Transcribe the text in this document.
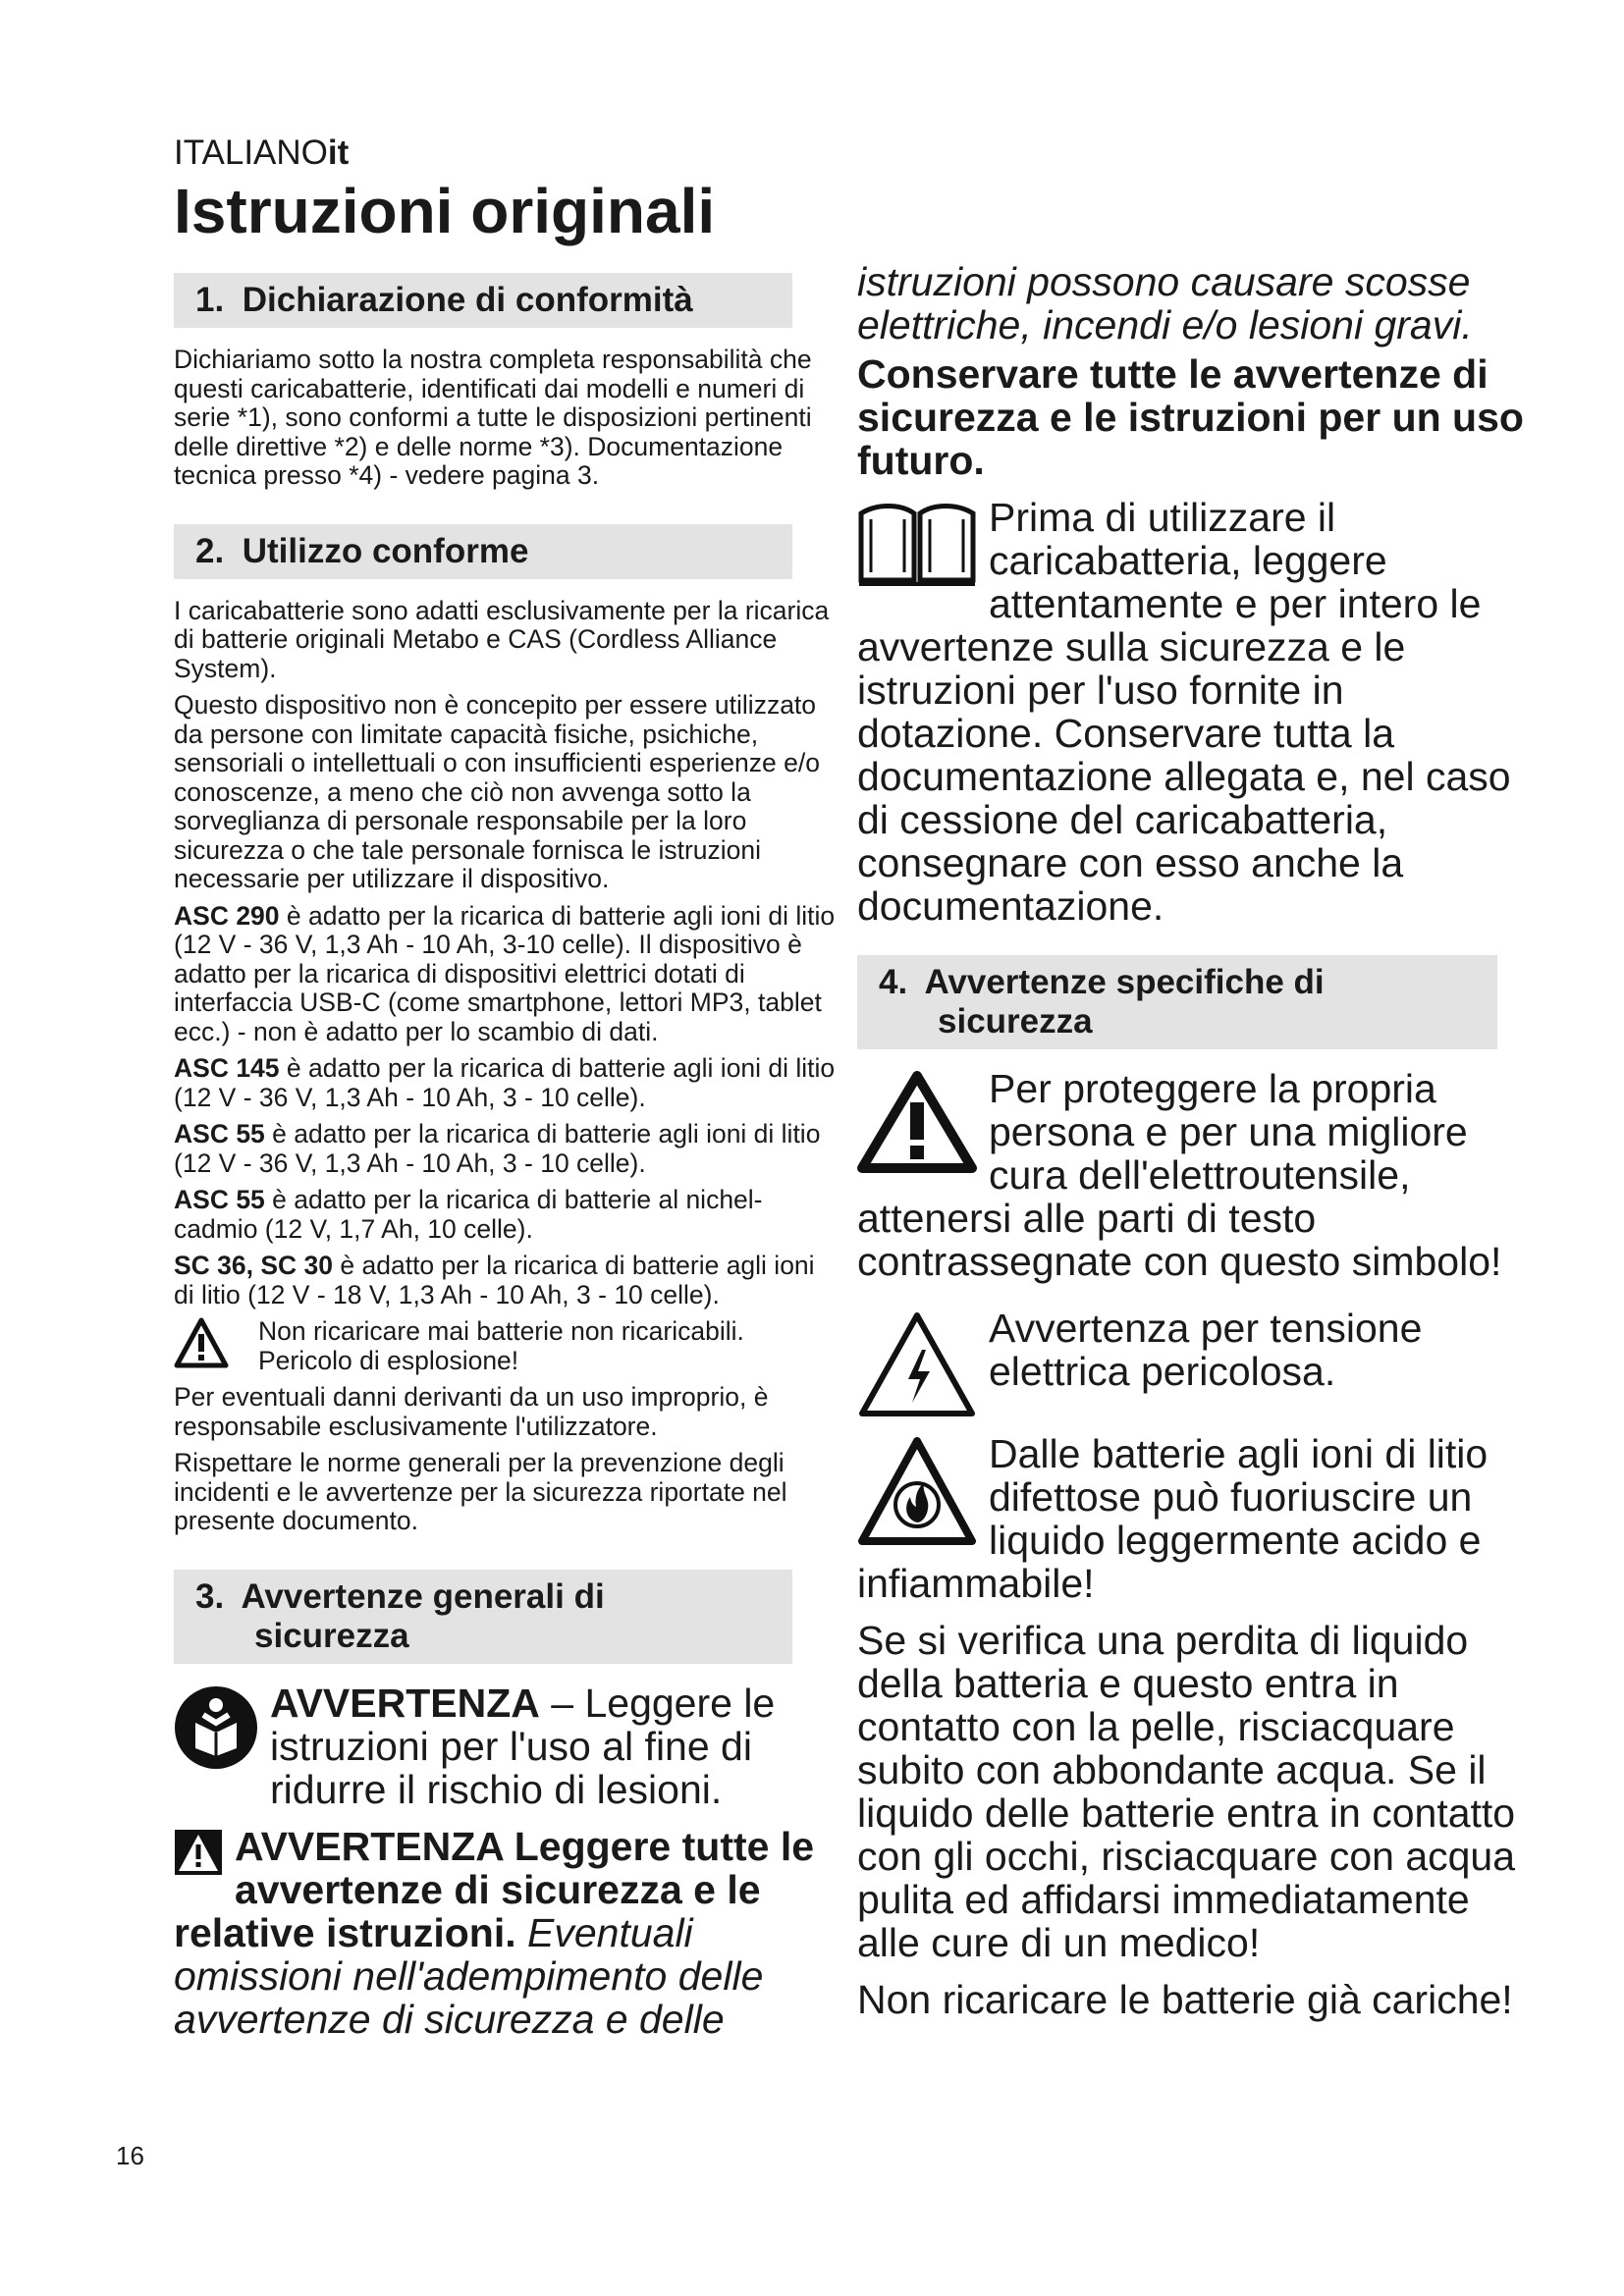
ITALIANOit
Istruzioni originali
1. Dichiarazione di conformità

Dichiariamo sotto la nostra completa responsabilità che questi caricabatterie, identificati dai modelli e numeri di serie *1), sono conformi a tutte le disposizioni pertinenti delle direttive *2) e delle norme *3). Documentazione tecnica presso *4) - vedere pagina 3.

2. Utilizzo conforme

I caricabatterie sono adatti esclusivamente per la ricarica di batterie originali Metabo e CAS (Cordless Alliance System).

Questo dispositivo non è concepito per essere utilizzato da persone con limitate capacità fisiche, psichiche, sensoriali o intellettuali o con insufficienti esperienze e/o conoscenze, a meno che ciò non avvenga sotto la sorveglianza di personale responsabile per la loro sicurezza o che tale personale fornisca le istruzioni necessarie per utilizzare il dispositivo.

ASC 290 è adatto per la ricarica di batterie agli ioni di litio (12 V - 36 V, 1,3 Ah - 10 Ah, 3-10 celle). Il dispositivo è adatto per la ricarica di dispositivi elettrici dotati di interfaccia USB-C (come smartphone, lettori MP3, tablet ecc.) - non è adatto per lo scambio di dati.

ASC 145 è adatto per la ricarica di batterie agli ioni di litio (12 V - 36 V, 1,3 Ah - 10 Ah, 3 - 10 celle).

ASC 55 è adatto per la ricarica di batterie agli ioni di litio (12 V - 36 V, 1,3 Ah - 10 Ah, 3 - 10 celle).

ASC 55 è adatto per la ricarica di batterie al nichel-cadmio (12 V, 1,7 Ah, 10 celle).

SC 36, SC 30 è adatto per la ricarica di batterie agli ioni di litio (12 V - 18 V, 1,3 Ah - 10 Ah, 3 - 10 celle).

Non ricaricare mai batterie non ricaricabili. Pericolo di esplosione!

Per eventuali danni derivanti da un uso improprio, è responsabile esclusivamente l'utilizzatore.

Rispettare le norme generali per la prevenzione degli incidenti e le avvertenze per la sicurezza riportate nel presente documento.

3. Avvertenze generali di
sicurezza
AVVERTENZA – Leggere le istruzioni per l'uso al fine di ridurre il rischio di lesioni.
AVVERTENZA Leggere tutte le avvertenze di sicurezza e le relative istruzioni. Eventuali omissioni nell'adempimento delle avvertenze di sicurezza e delle
istruzioni possono causare scosse elettriche, incendi e/o lesioni gravi.
Conservare tutte le avvertenze di sicurezza e le istruzioni per un uso futuro.
Prima di utilizzare il caricabatteria, leggere attentamente e per intero le avvertenze sulla sicurezza e le istruzioni per l'uso fornite in dotazione. Conservare tutta la documentazione allegata e, nel caso di cessione del caricabatteria, consegnare con esso anche la documentazione.
4. Avvertenze specifiche di
sicurezza
Per proteggere la propria persona e per una migliore cura dell'elettroutensile, attenersi alle parti di testo contrassegnate con questo simbolo!
Avvertenza per tensione elettrica pericolosa.
Dalle batterie agli ioni di litio difettose può fuoriuscire un liquido leggermente acido e infiammabile!
Se si verifica una perdita di liquido della batteria e questo entra in contatto con la pelle, risciacquare subito con abbondante acqua. Se il liquido delle batterie entra in contatto con gli occhi, risciacquare con acqua pulita ed affidarsi immediatamente alle cure di un medico!
Non ricaricare le batterie già cariche!
16
